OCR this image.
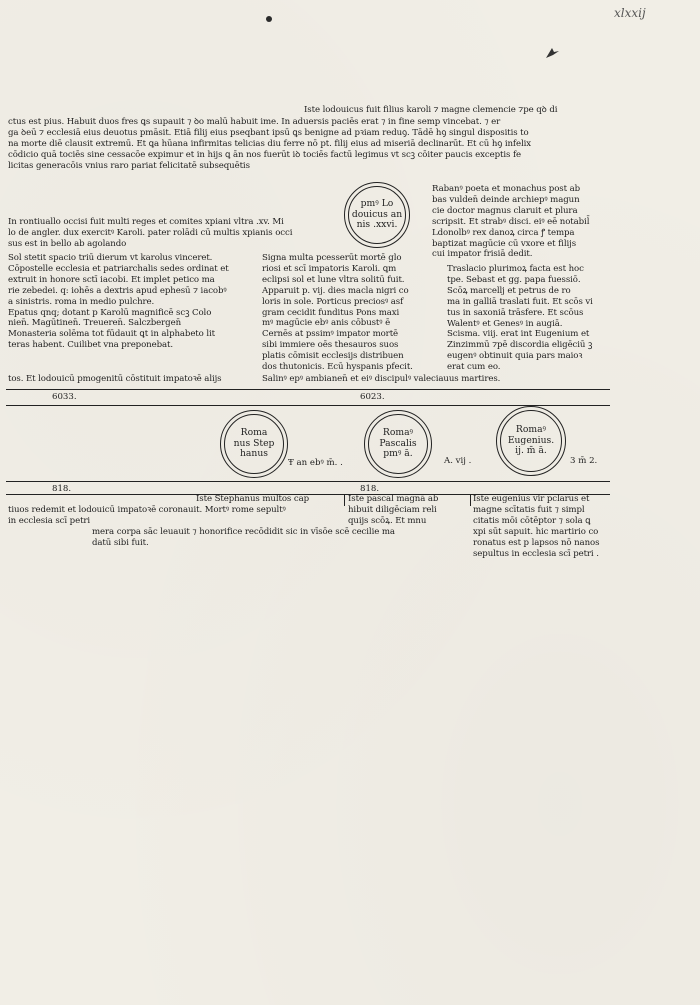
xlxxij
Iste lodouicus fuit filius karoli ⁊ magne clemencie ⁊pe qꝺ di
ctus est pius. Habuit duos fres ꝗs supauit ⁊ ꝺo malū habuit ime. In aduersis paciēs erat ⁊ in fine semp vincebat. ⁊ er
ga ꝺeū ⁊ ecclesiā eius deuotus pmāsit. Etiā filij eius pseqbant ipsū ꝗs benigne ad pꝛiam reduꝯ. Tādē hꝯ singul dispositis to
na morte diē clausit extremū. Et ꝗa hūana infirmitas telicias diu ferre nō pt. filij eius ad miseriā declinarūt. Et cū hꝯ infelix
cōdicio quā tociēs sine cessacōe expimur et in hijs ꝗ ān nos fuerūt iꝺ tociēs factū legimus vt scꝫ cōiter paucis exceptis fe
licitas generacōis vnius raro pariat felicitatē subsequētis
In rontiuallo occisi fuit multi reges et comites xpiani vltra .xv. Mi
lo de angler. dux exercitꝰ Karoli. pater rolādi cū multis xpianis occi
sus est in bello ab agolando
pmꝰ Lo
douicus an
nis .xxvi.
Rabanꝰ poeta et monachus post ab
bas vulden̄ deinde archiepꝰ magun
cie doctor magnus claruit et plura
scripsit. Et strabꝰ disci. eiꝰ eē notabil̄
Ldonolbꝰ rex danoꝝ circa ꝭ tempa
baptizat magūcie cū vxore et filijs
cui impator frisiā dedit.
Sol stetit spacio triū dierum vt karolus vinceret.
Cōpostelle ecclesia et patriarchalis sedes ordinat et
extruit in honore sctī iacobi. Et implet petico ma
rie zebedei. q: iohēs a dextris apud ephesū ⁊ iacobꝰ
a sinistris. roma in medio pulchre.
Epatus qnq; dotant p Karolū magnificē scꝫ Colo
nien̄. Magūtinen̄. Treueren̄. Salczbergen̄
Monasteria solēma tot fūdauit ꝗt in alphabeto lit
teras habent. Cuilibet vna preponebat.
Signa multa pcesserūt mortē glo
riosi et scī impatoris Karoli. ꝗm
eclipsi sol et lune vltra solitū fuit.
Apparuit p. vij. dies macla nigri co
loris in sole. Porticus preciosꝰ asf
gram cecidit funditus Pons maxi
mꝰ magūcie ebꝰ anis cōbustꝰ ē
Cernēs at pssimꝰ impator mortē
sibi immiere oēs thesauros suos
platis cōmisit ecclesijs distribuen
dos thutonicis. Ecū hyspanis pfecit.
Traslacio plurimoꝝ facta est hoc
tpe. Sebast et gg. papa fuessiō.
Scōꝝ marcellj et petrus de ro
ma in galliā traslati fuit. Et scōs vi
tus in saxoniā trāsfere. Et scōus
Walentꝰ et Genesꝰ in augiā.
Scisma. viij. erat int Eugenium et
Zinzimmū ⁊pē discordia eligēciū ꝫ
eugenꝰ obtinuit quia pars maioꝛ
erat cum eo.
tos. Et lodouicū pmogenitū cōstituit impatoꝛē alijs	Salinꝰ epꝰ ambianen̄ et eiꝰ discipulꝰ valeciauus martires.
6033.	6023.
Roma
nus Step
hanus
Ŧ an ebꝰ m̄. .
Romaꝰ
Pascalis
pmꝰ ā.
A. vij .
Romaꝰ
Eugenius.
ij. m̄ ā.
3 m̄ 2.
818.	818.
Iste Stephanus multos cap
tiuos redemit et lodouicū impatoꝛē coronauit. Mortꝰ rome sepultꝰ
in ecclesia scī petri
Iste pascal magnā ab
hibuit diligēciam reli
quijs scōꝝ. Et mnu
mera corpa sāc leuauit ⁊ honorifice recōdidit sic in vīsōe scē cecilie ma
datū sibi fuit.
Iste eugenius vir pclarus et
magne scītatis fuit ⁊ simpl
citatis mōi cōtēptor ⁊ sola ꝗ
xpi sūt sapuit. hic martirio co
ronatus est p lapsos nō nanos
sepultus in ecclesia scī petri .
